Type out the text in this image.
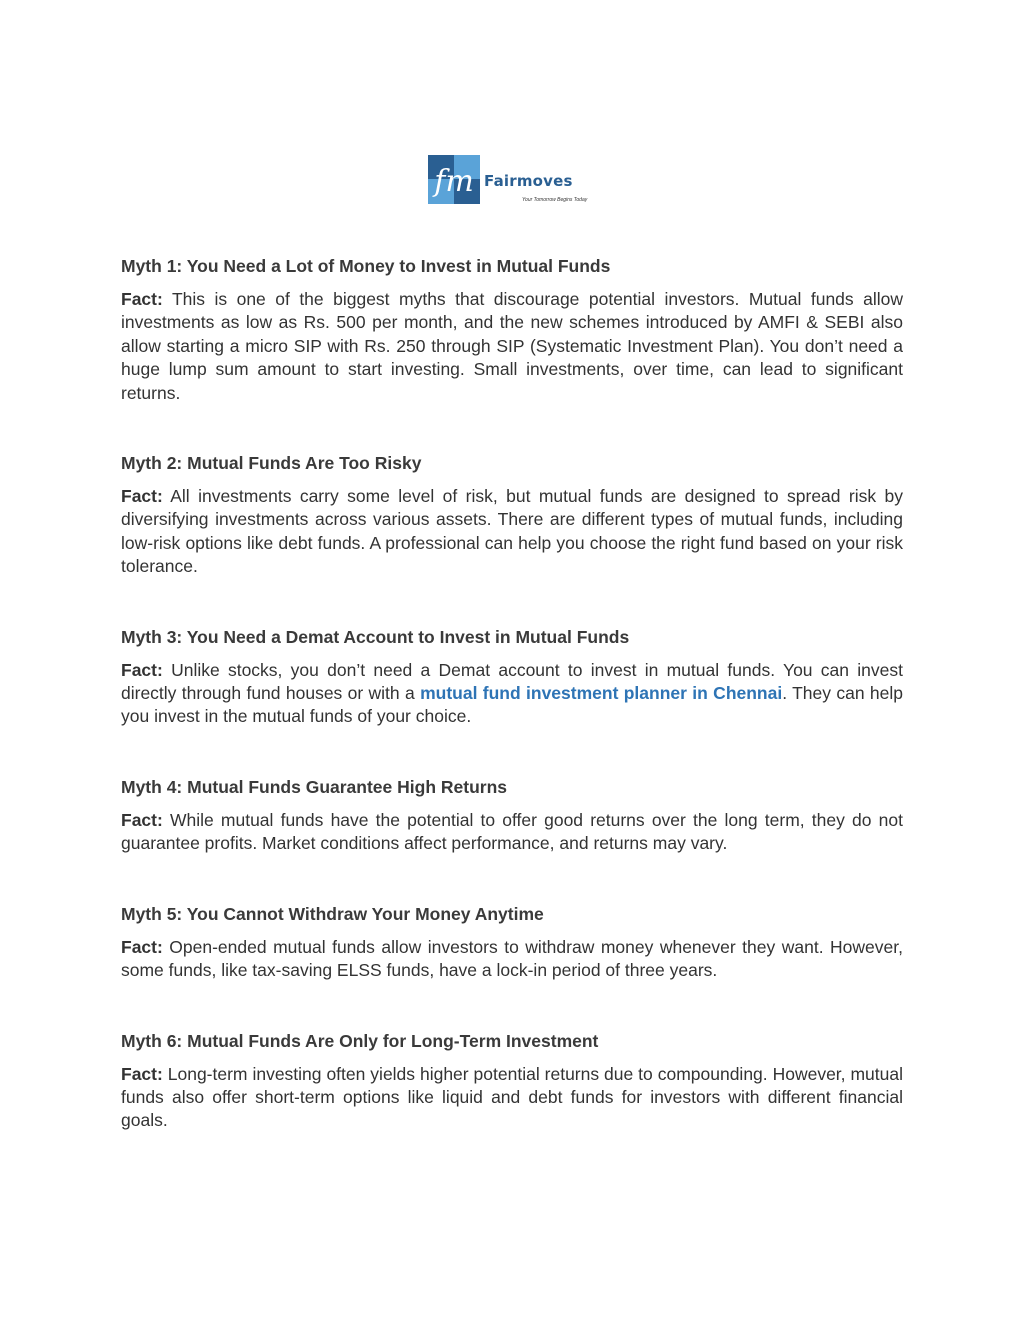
fm Fairmoves
Your Tomorrow Begins Today
Myth 1: You Need a Lot of Money to Invest in Mutual Funds

Fact: This is one of the biggest myths that discourage potential investors. Mutual funds allow investments as low as Rs. 500 per month, and the new schemes introduced by AMFI & SEBI also allow starting a micro SIP with Rs. 250 through SIP (Systematic Investment Plan). You don’t need a huge lump sum amount to start investing. Small investments, over time, can lead to significant returns.

Myth 2: Mutual Funds Are Too Risky

Fact: All investments carry some level of risk, but mutual funds are designed to spread risk by diversifying investments across various assets. There are different types of mutual funds, including low-risk options like debt funds. A professional can help you choose the right fund based on your risk tolerance.

Myth 3: You Need a Demat Account to Invest in Mutual Funds

Fact: Unlike stocks, you don’t need a Demat account to invest in mutual funds. You can invest directly through fund houses or with a mutual fund investment planner in Chennai. They can help you invest in the mutual funds of your choice.

Myth 4: Mutual Funds Guarantee High Returns

Fact: While mutual funds have the potential to offer good returns over the long term, they do not guarantee profits. Market conditions affect performance, and returns may vary.

Myth 5: You Cannot Withdraw Your Money Anytime

Fact: Open-ended mutual funds allow investors to withdraw money whenever they want. However, some funds, like tax-saving ELSS funds, have a lock-in period of three years.

Myth 6: Mutual Funds Are Only for Long-Term Investment

Fact: Long-term investing often yields higher potential returns due to compounding. However, mutual funds also offer short-term options like liquid and debt funds for investors with different financial goals.
